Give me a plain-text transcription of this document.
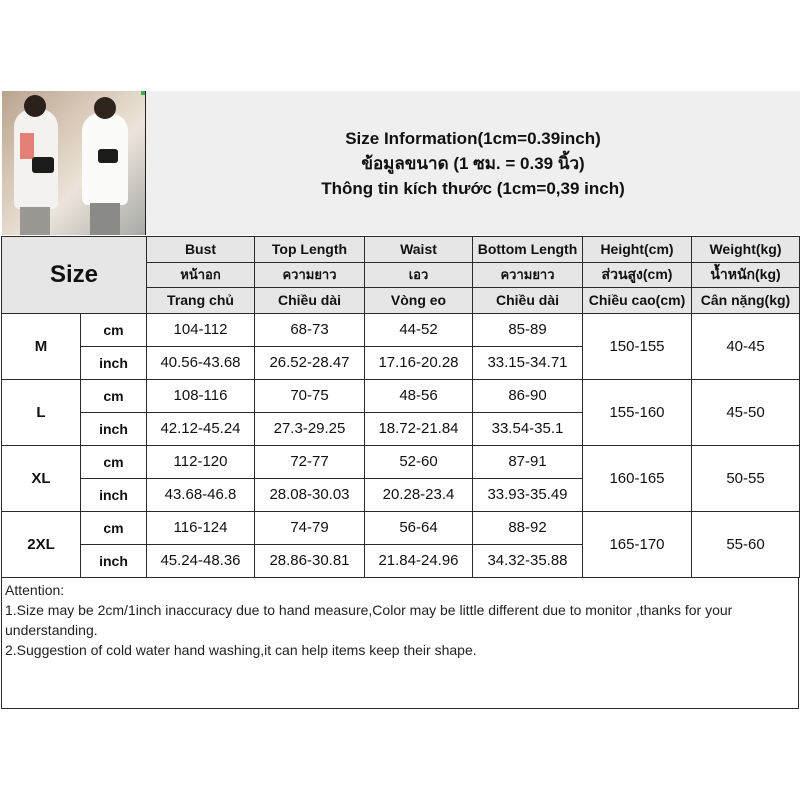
Size Information(1cm=0.39inch)
ข้อมูลขนาด (1 ซม. = 0.39 นิ้ว)
Thông tin kích thước (1cm=0,39 inch)
Size		Bust	Top Length	Waist	Bottom Length	Height(cm)	Weight(kg)
		หน้าอก	ความยาว	เอว	ความยาว	ส่วนสูง(cm)	น้ำหนัก(kg)
		Trang chủ	Chiều dài	Vòng eo	Chiều dài	Chiều cao(cm)	Cân nặng(kg)
M	cm	104-112	68-73	44-52	85-89	150-155	40-45
	inch	40.56-43.68	26.52-28.47	17.16-20.28	33.15-34.71		
L	cm	108-116	70-75	48-56	86-90	155-160	45-50
	inch	42.12-45.24	27.3-29.25	18.72-21.84	33.54-35.1		
XL	cm	112-120	72-77	52-60	87-91	160-165	50-55
	inch	43.68-46.8	28.08-30.03	20.28-23.4	33.93-35.49		
2XL	cm	116-124	74-79	56-64	88-92	165-170	55-60
	inch	45.24-48.36	28.86-30.81	21.84-24.96	34.32-35.88		
Attention:
1.Size may be 2cm/1inch inaccuracy due to hand measure,Color may be little different due to monitor ,thanks for your understanding.
2.Suggestion of cold water hand washing,it can help items keep their shape.
